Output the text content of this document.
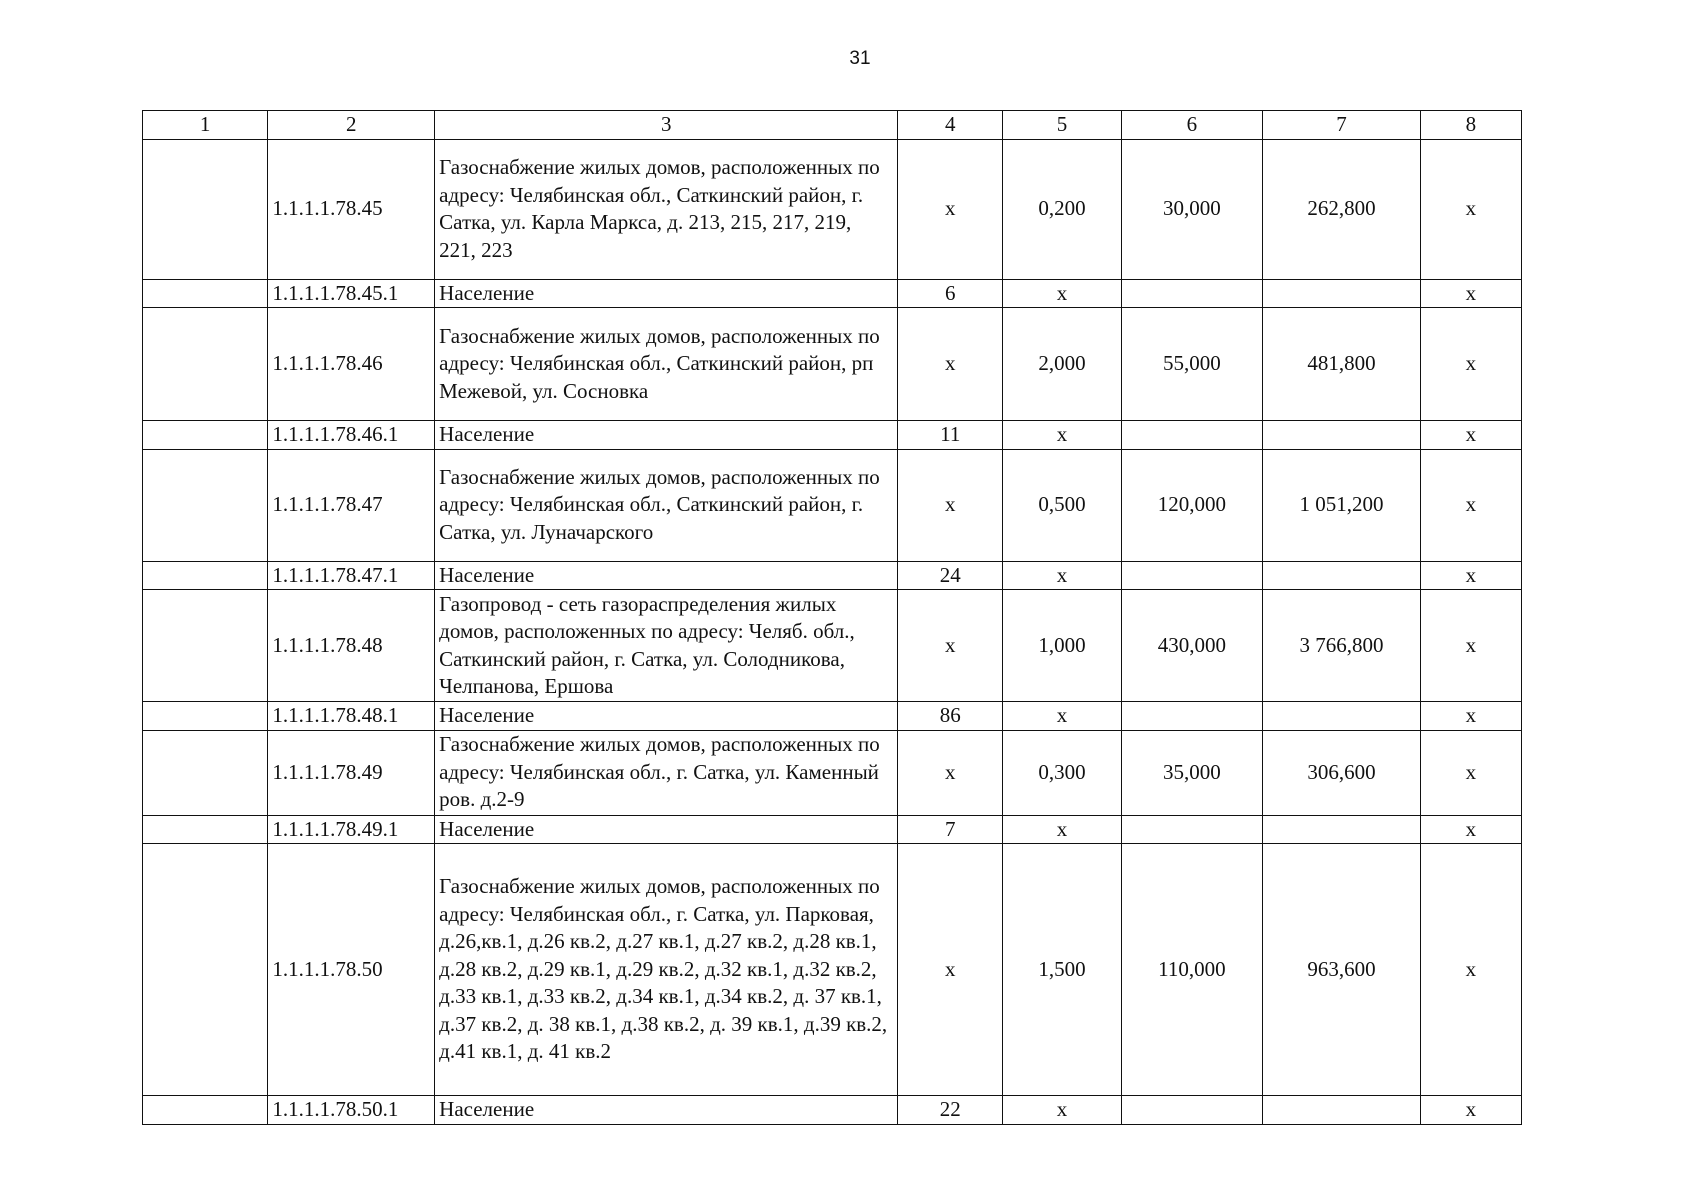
31
1	2	3	4	5	6	7	8
	1.1.1.1.78.45	Газоснабжение жилых домов, расположенных по адресу: Челябинская обл., Саткинский район, г. Сатка, ул. Карла Маркса, д. 213, 215, 217, 219, 221, 223	x	0,200	30,000	262,800	x
	1.1.1.1.78.45.1	Население	6	x			x
	1.1.1.1.78.46	Газоснабжение жилых домов, расположенных по адресу: Челябинская обл., Саткинский район, рп Межевой, ул. Сосновка	x	2,000	55,000	481,800	x
	1.1.1.1.78.46.1	Население	11	x			x
	1.1.1.1.78.47	Газоснабжение жилых домов, расположенных по адресу: Челябинская обл., Саткинский район, г. Сатка, ул. Луначарского	x	0,500	120,000	1 051,200	x
	1.1.1.1.78.47.1	Население	24	x			x
	1.1.1.1.78.48	Газопровод - сеть газораспределения жилых домов, расположенных по адресу: Челяб. обл., Саткинский район, г. Сатка, ул. Солодникова, Челпанова, Ершова	x	1,000	430,000	3 766,800	x
	1.1.1.1.78.48.1	Население	86	x			x
	1.1.1.1.78.49	Газоснабжение жилых домов, расположенных по адресу: Челябинская обл., г. Сатка, ул. Каменный ров. д.2-9	x	0,300	35,000	306,600	x
	1.1.1.1.78.49.1	Население	7	x			x
	1.1.1.1.78.50	Газоснабжение жилых домов, расположенных по адресу: Челябинская обл., г. Сатка, ул. Парковая, д.26,кв.1, д.26 кв.2, д.27 кв.1, д.27 кв.2, д.28 кв.1, д.28 кв.2, д.29 кв.1, д.29 кв.2, д.32 кв.1, д.32 кв.2, д.33 кв.1, д.33 кв.2, д.34 кв.1, д.34 кв.2, д. 37 кв.1, д.37 кв.2, д. 38 кв.1, д.38 кв.2, д. 39 кв.1, д.39 кв.2, д.41 кв.1, д. 41 кв.2	x	1,500	110,000	963,600	x
	1.1.1.1.78.50.1	Население	22	x			x
